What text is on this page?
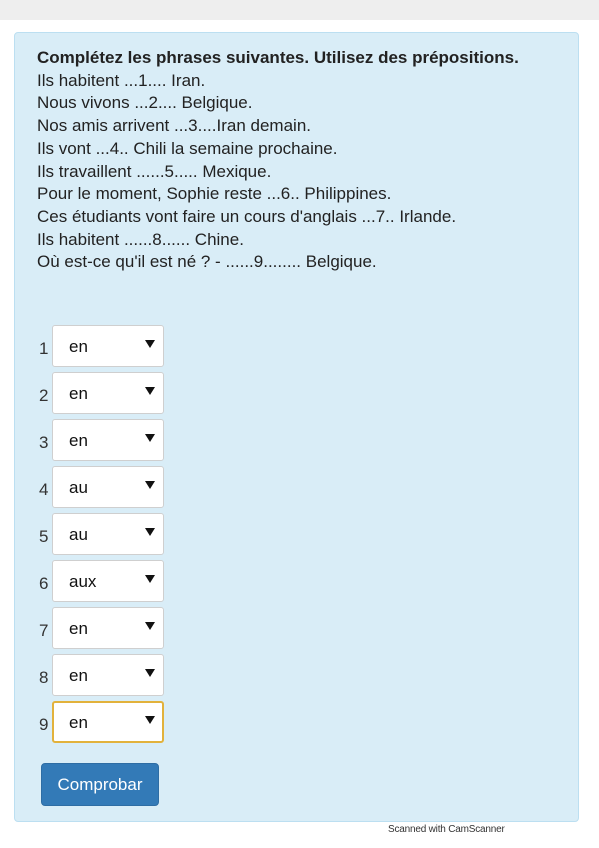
Complétez les phrases suivantes. Utilisez des prépositions.
Ils habitent ...1.... Iran.
Nous vivons ...2.... Belgique.
Nos amis arrivent ...3....Iran demain.
Ils vont ...4.. Chili la semaine prochaine.
Ils travaillent ......5..... Mexique.
Pour le moment, Sophie reste ...6.. Philippines.
Ces étudiants vont faire un cours d'anglais ...7.. Irlande.
Ils habitent ......8...... Chine.
Où est-ce qu'il est né ? - ......9........ Belgique.
1 en
2 en
3 en
4 au
5 au
6 aux
7 en
8 en
9 en
Comprobar
Scanned with CamScanner
